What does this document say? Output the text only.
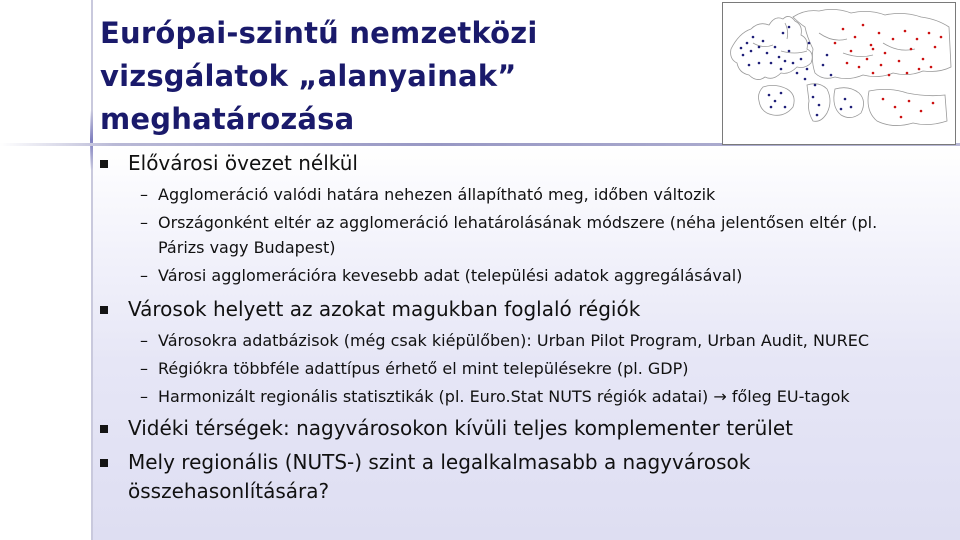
Európai-szintű nemzetközi
vizsgálatok „alanyainak”
meghatározása
Elővárosi övezet nélkül
– Agglomeráció valódi határa nehezen állapítható meg, időben változik
– Országonként eltér az agglomeráció lehatárolásának módszere (néha jelentősen eltér (pl.
Párizs vagy Budapest)
– Városi agglomerációra kevesebb adat (települési adatok aggregálásával)
Városok helyett az azokat magukban foglaló régiók
– Városokra adatbázisok (még csak kiépülőben): Urban Pilot Program, Urban Audit, NUREC
– Régiókra többféle adattípus érhető el mint településekre (pl. GDP)
– Harmonizált regionális statisztikák (pl. Euro.Stat NUTS régiók adatai) → főleg EU-tagok
Vidéki térségek: nagyvárosokon kívüli teljes komplementer terület
Mely regionális (NUTS-) szint a legalkalmasabb a nagyvárosok
összehasonlítására?
